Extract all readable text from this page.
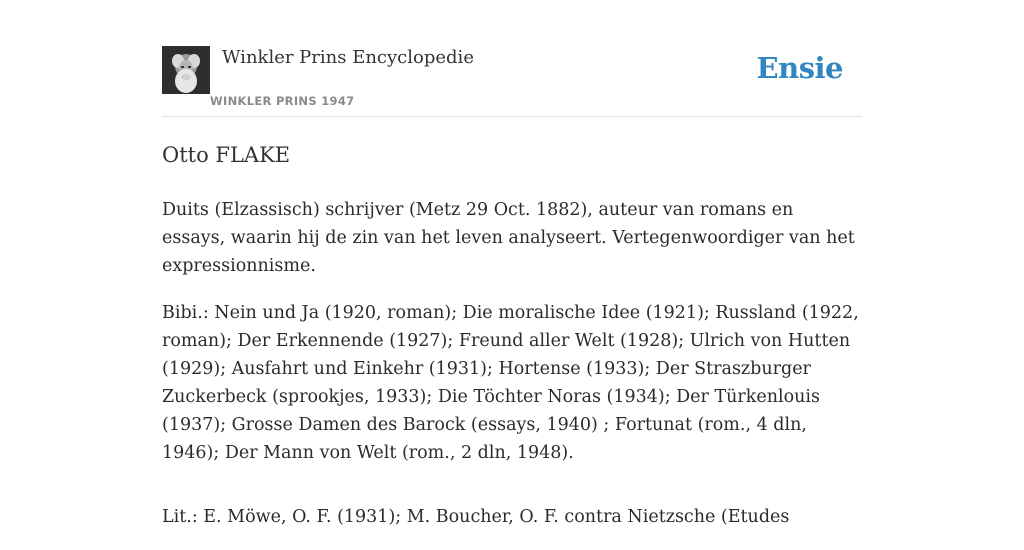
Winkler Prins Encyclopedie
WINKLER PRINS 1947
Ensie
Otto FLAKE

Duits (Elzassisch) schrijver (Metz 29 Oct. 1882), auteur van romans en essays, waarin hij de zin van het leven analyseert. Vertegenwoordiger van het expressionnisme.

Bibi.: Nein und Ja (1920, roman); Die moralische Idee (1921); Russland (1922, roman); Der Erkennende (1927); Freund aller Welt (1928); Ulrich von Hutten (1929); Ausfahrt und Einkehr (1931); Hortense (1933); Der Straszburger Zuckerbeck (sprookjes, 1933); Die Töchter Noras (1934); Der Türkenlouis (1937); Grosse Damen des Barock (essays, 1940) ; Fortunat (rom., 4 dln, 1946); Der Mann von Welt (rom., 2 dln, 1948).

Lit.: E. Möwe, O. F. (1931); M. Boucher, O. F. contra Nietzsche (Etudes
